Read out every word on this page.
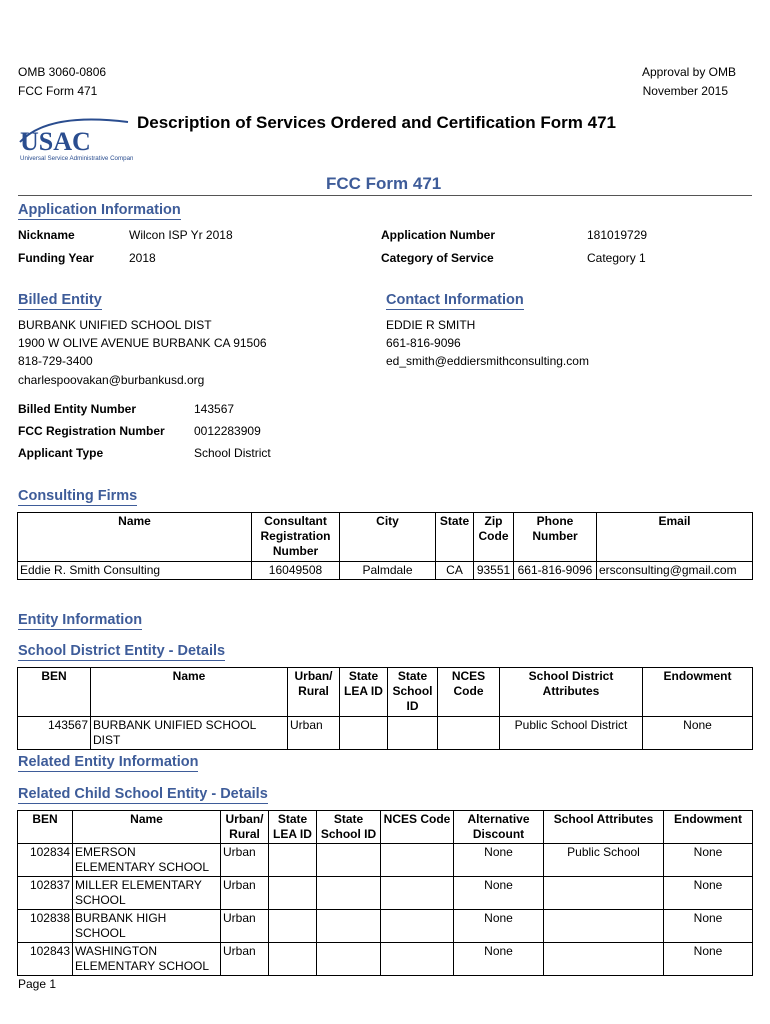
OMB 3060-0806
FCC Form 471
Approval by OMB
November 2015
USAC
Universal Service Administrative Company
Description of Services Ordered and Certification Form 471
FCC Form 471
Application Information
Nickname	Wilcon ISP Yr 2018
Funding Year	2018
Application Number	181019729
Category of Service	Category 1
Billed Entity
BURBANK UNIFIED SCHOOL DIST
1900 W OLIVE AVENUE BURBANK CA 91506
818-729-3400
charlespoovakan@burbankusd.org
Billed Entity Number	143567
FCC Registration Number 0012283909
Applicant Type	School District
Contact Information
EDDIE R SMITH
661-816-9096
ed_smith@eddiersmithconsulting.com
Consulting Firms
Name	Consultant Registration Number	City	State	Zip Code	Phone Number	Email
Eddie R. Smith Consulting	16049508	Palmdale	CA	93551	661-816-9096	ersconsulting@gmail.com
Entity Information
School District Entity - Details
BEN	Name	Urban/ Rural	State LEA ID	State School ID	NCES Code	School District Attributes	Endowment
143567	BURBANK UNIFIED SCHOOL DIST	Urban				Public School District	None
Related Entity Information
Related Child School Entity - Details
BEN	Name	Urban/ Rural	State LEA ID	State School ID	NCES Code	Alternative Discount	School Attributes	Endowment
102834	EMERSON ELEMENTARY SCHOOL	Urban				None	Public School	None
102837	MILLER ELEMENTARY SCHOOL	Urban				None		None
102838	BURBANK HIGH SCHOOL	Urban				None		None
102843	WASHINGTON ELEMENTARY SCHOOL	Urban				None		None
Page 1
